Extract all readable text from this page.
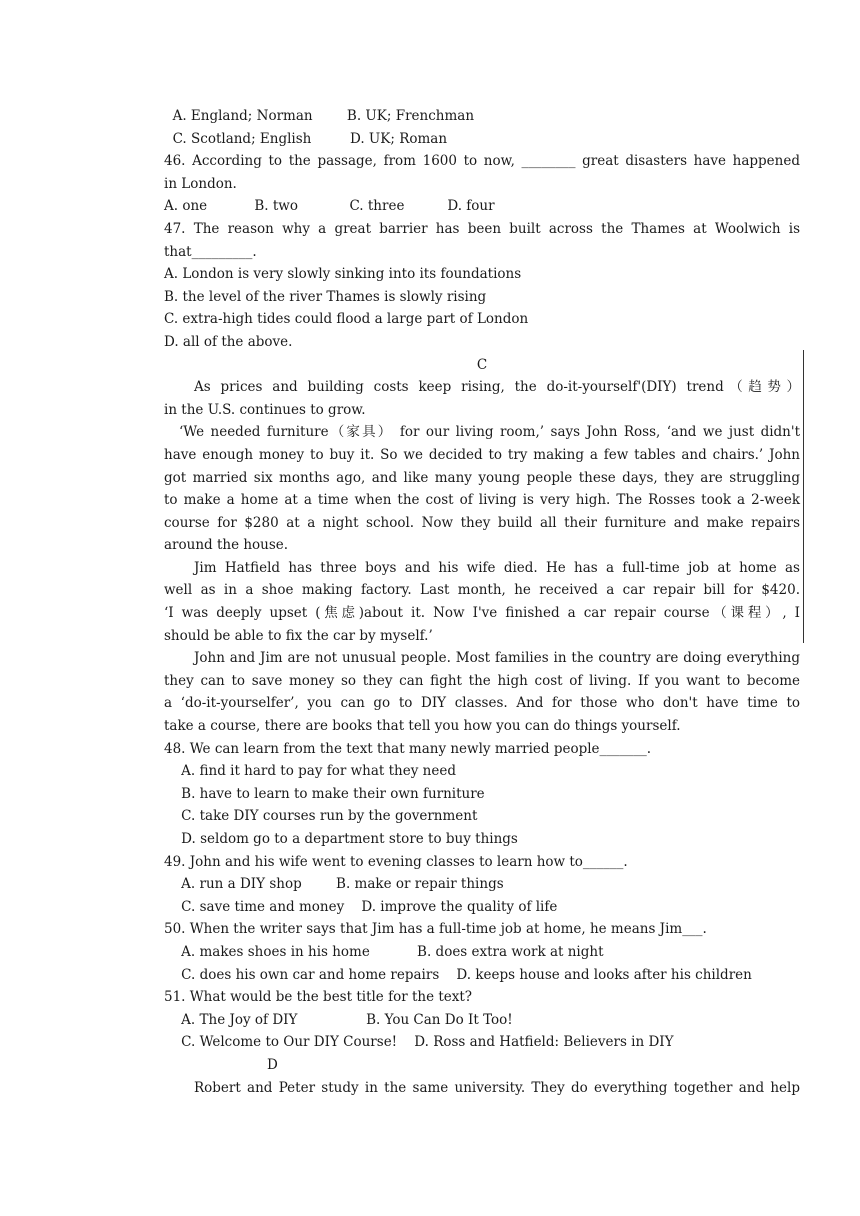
A. England; Norman        B. UK; Frenchman
C. Scotland; English         D. UK; Roman
46. According to the passage, from 1600 to now, ________ great disasters have happened
in London.
A. one           B. two            C. three          D. four
47. The reason why a great barrier has been built across the Thames at Woolwich is
that_________.
A. London is very slowly sinking into its foundations
B. the level of the river Thames is slowly rising
C. extra-high tides could flood a large part of London
D. all of the above.
C
As prices and building costs keep rising, the do-it-yourself'(DIY) trend（趋势）
in the U.S. continues to grow.
‘We needed furniture（家具） for our living room,’ says John Ross, ‘and we just didn't
have enough money to buy it. So we decided to try making a few tables and chairs.’ John
got married six months ago, and like many young people these days, they are struggling
to make a home at a time when the cost of living is very high. The Rosses took a 2-week
course for $280 at a night school. Now they build all their furniture and make repairs
around the house.
Jim Hatfield has three boys and his wife died. He has a full-time job at home as
well as in a shoe making factory. Last month, he received a car repair bill for $420.
‘I was deeply upset (焦虑)about it. Now I've finished a car repair course（课程）, I
should be able to fix the car by myself.’
John and Jim are not unusual people. Most families in the country are doing everything
they can to save money so they can fight the high cost of living. If you want to become
a ‘do-it-yourselfer’, you can go to DIY classes. And for those who don't have time to
take a course, there are books that tell you how you can do things yourself.
48. We can learn from the text that many newly married people_______.
A. find it hard to pay for what they need
B. have to learn to make their own furniture
C. take DIY courses run by the government
D. seldom go to a department store to buy things
49. John and his wife went to evening classes to learn how to______.
A. run a DIY shop        B. make or repair things
C. save time and money    D. improve the quality of life
50. When the writer says that Jim has a full-time job at home, he means Jim___.
A. makes shoes in his home           B. does extra work at night
C. does his own car and home repairs    D. keeps house and looks after his children
51. What would be the best title for the text?
A. The Joy of DIY                B. You Can Do It Too!
C. Welcome to Our DIY Course!    D. Ross and Hatfield: Believers in DIY
D
Robert and Peter study in the same university. They do everything together and help
